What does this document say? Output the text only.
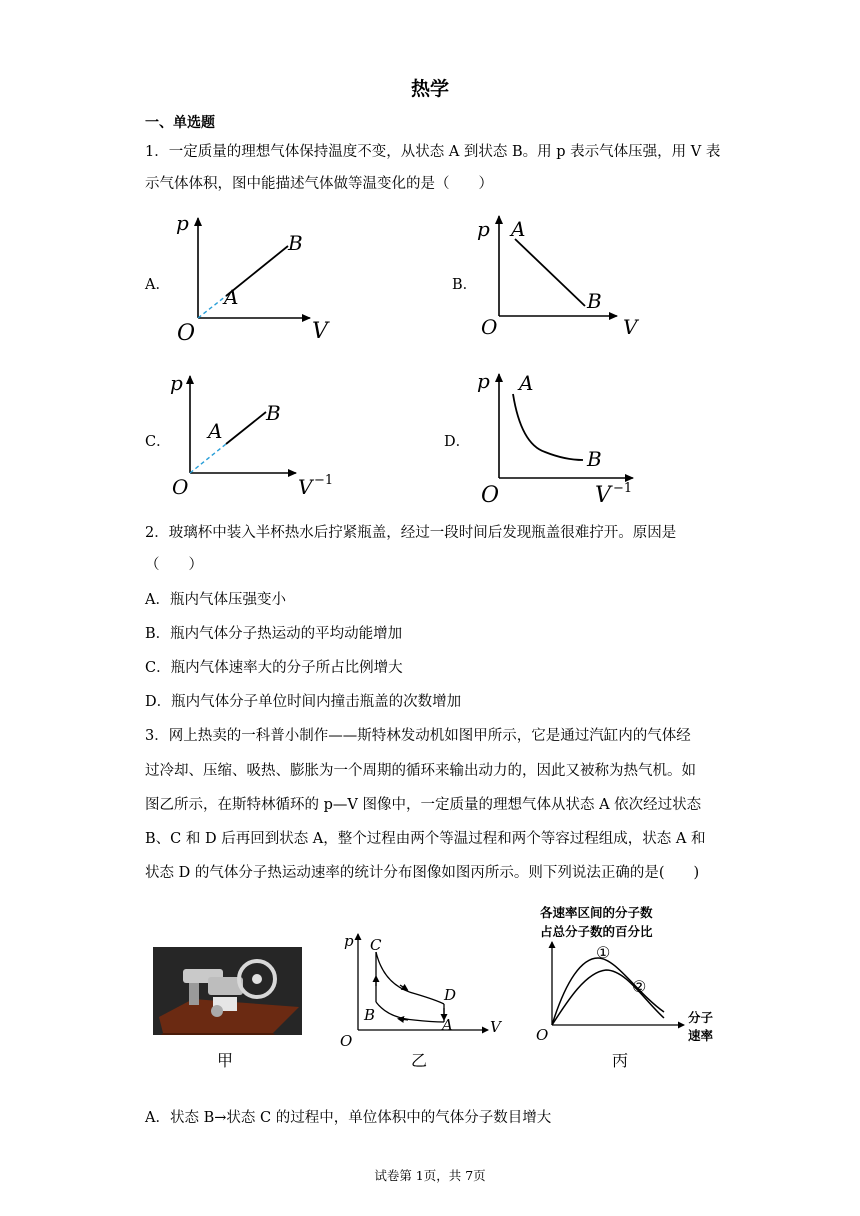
热学
一、单选题
1．一定质量的理想气体保持温度不变，从状态 A 到状态 B。用 p 表示气体压强，用 V 表
示气体体积，图中能描述气体做等温变化的是（　　）
A．	B．
C．	D．
p
V
O
A
B
p
V
O
A
B
p
V −1
O
A
B
p
V −1
O
A
B
2．玻璃杯中装入半杯热水后拧紧瓶盖，经过一段时间后发现瓶盖很难拧开。原因是
（　　）
A．瓶内气体压强变小
B．瓶内气体分子热运动的平均动能增加
C．瓶内气体速率大的分子所占比例增大
D．瓶内气体分子单位时间内撞击瓶盖的次数增加
3．网上热卖的一科普小制作——斯特林发动机如图甲所示，它是通过汽缸内的气体经
过冷却、压缩、吸热、膨胀为一个周期的循环来输出动力的，因此又被称为热气机。如
图乙所示，在斯特林循环的 p—V 图像中，一定质量的理想气体从状态 A 依次经过状态
B、C 和 D 后再回到状态 A，整个过程由两个等温过程和两个等容过程组成，状态 A 和
状态 D 的气体分子热运动速率的统计分布图像如图丙所示。则下列说法正确的是(　　)
甲
p
V
O
C
B
D
A
乙
各速率区间的分子数
占总分子数的百分比
①
②
分子
速率
O
丙
A．状态 B→状态 C 的过程中，单位体积中的气体分子数目增大
试卷第 1页，共 7页
